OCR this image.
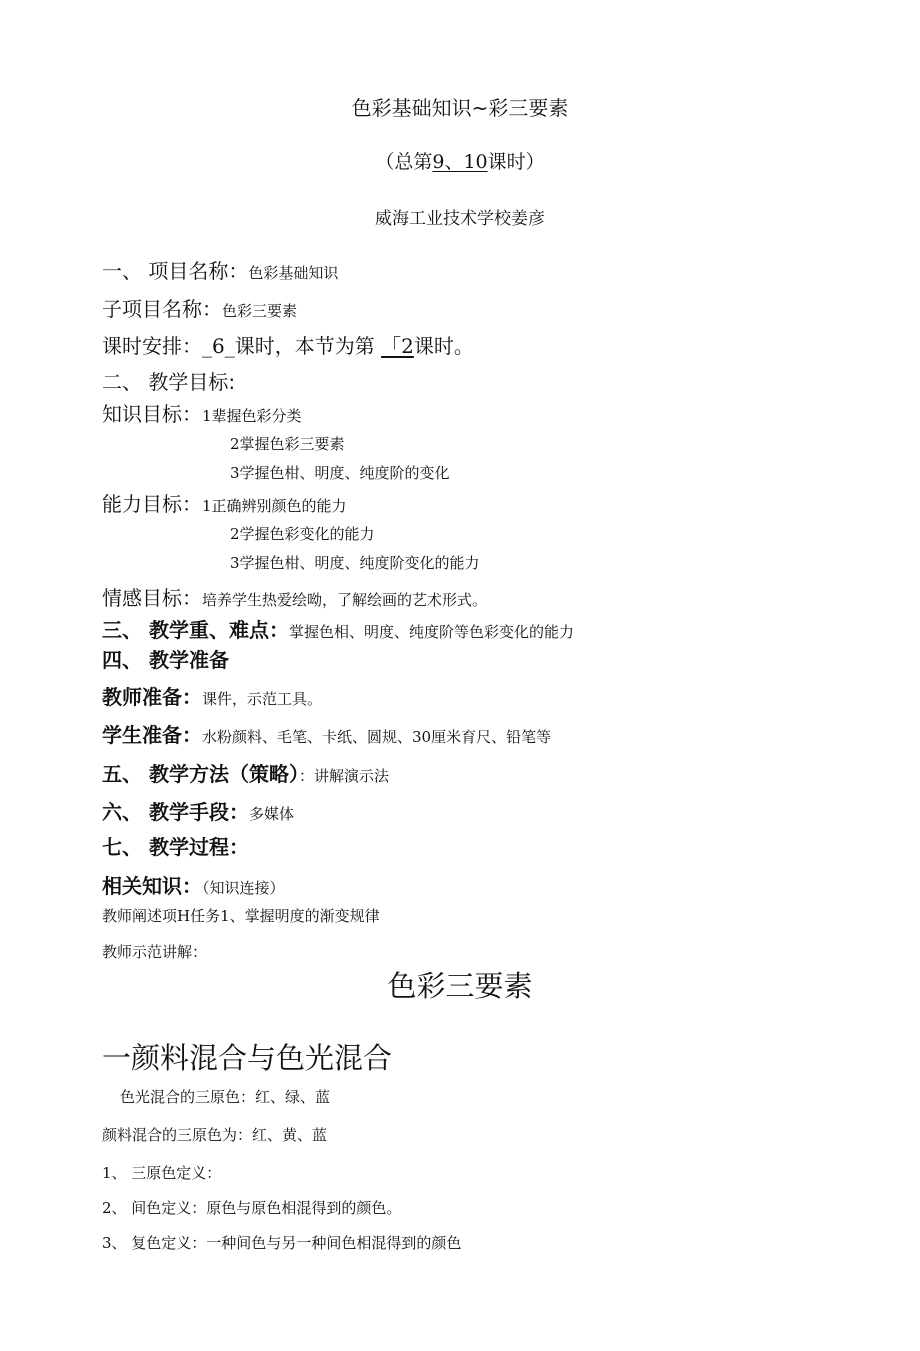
色彩基础知识~彩三要素
（总第9、10课时）
威海工业技术学校姜彦
一、 项目名称：色彩基础知识
子项目名称：色彩三要素
课时安排：_6_课时，本节为第 「2课时。
二、 教学目标:
知识目标：1辈握色彩分类
2掌握色彩三要素
3学握色柑、明度、纯度阶的变化
能力目标：1正确辨别颜色的能力
2学握色彩变化的能力
3学握色柑、明度、纯度阶变化的能力
情感目标：培养学生热爱绘呦，了解绘画的艺术形式。
三、 教学重、难点：掌握色相、明度、纯度阶等色彩变化的能力
四、 教学准备
教师准备：课件，示范工具。
学生准备：水粉颜料、毛笔、卡纸、圆规、30厘米育尺、铅笔等
五、 教学方法（策略）：讲解演示法
六、 教学手段：多媒体
七、 教学过程：
相关知识：（知识连接）
教师阐述项H任务1、掌握明度的渐变规律
教师示范讲解：
色彩三要素
一颜料混合与色光混合
色光混合的三原色：红、绿、蓝
颜料混合的三原色为：红、黄、蓝
1、 三原色定义：
2、 间色定义：原色与原色相混得到的颜色。
3、 复色定义：一种间色与另一种间色相混得到的颜色
